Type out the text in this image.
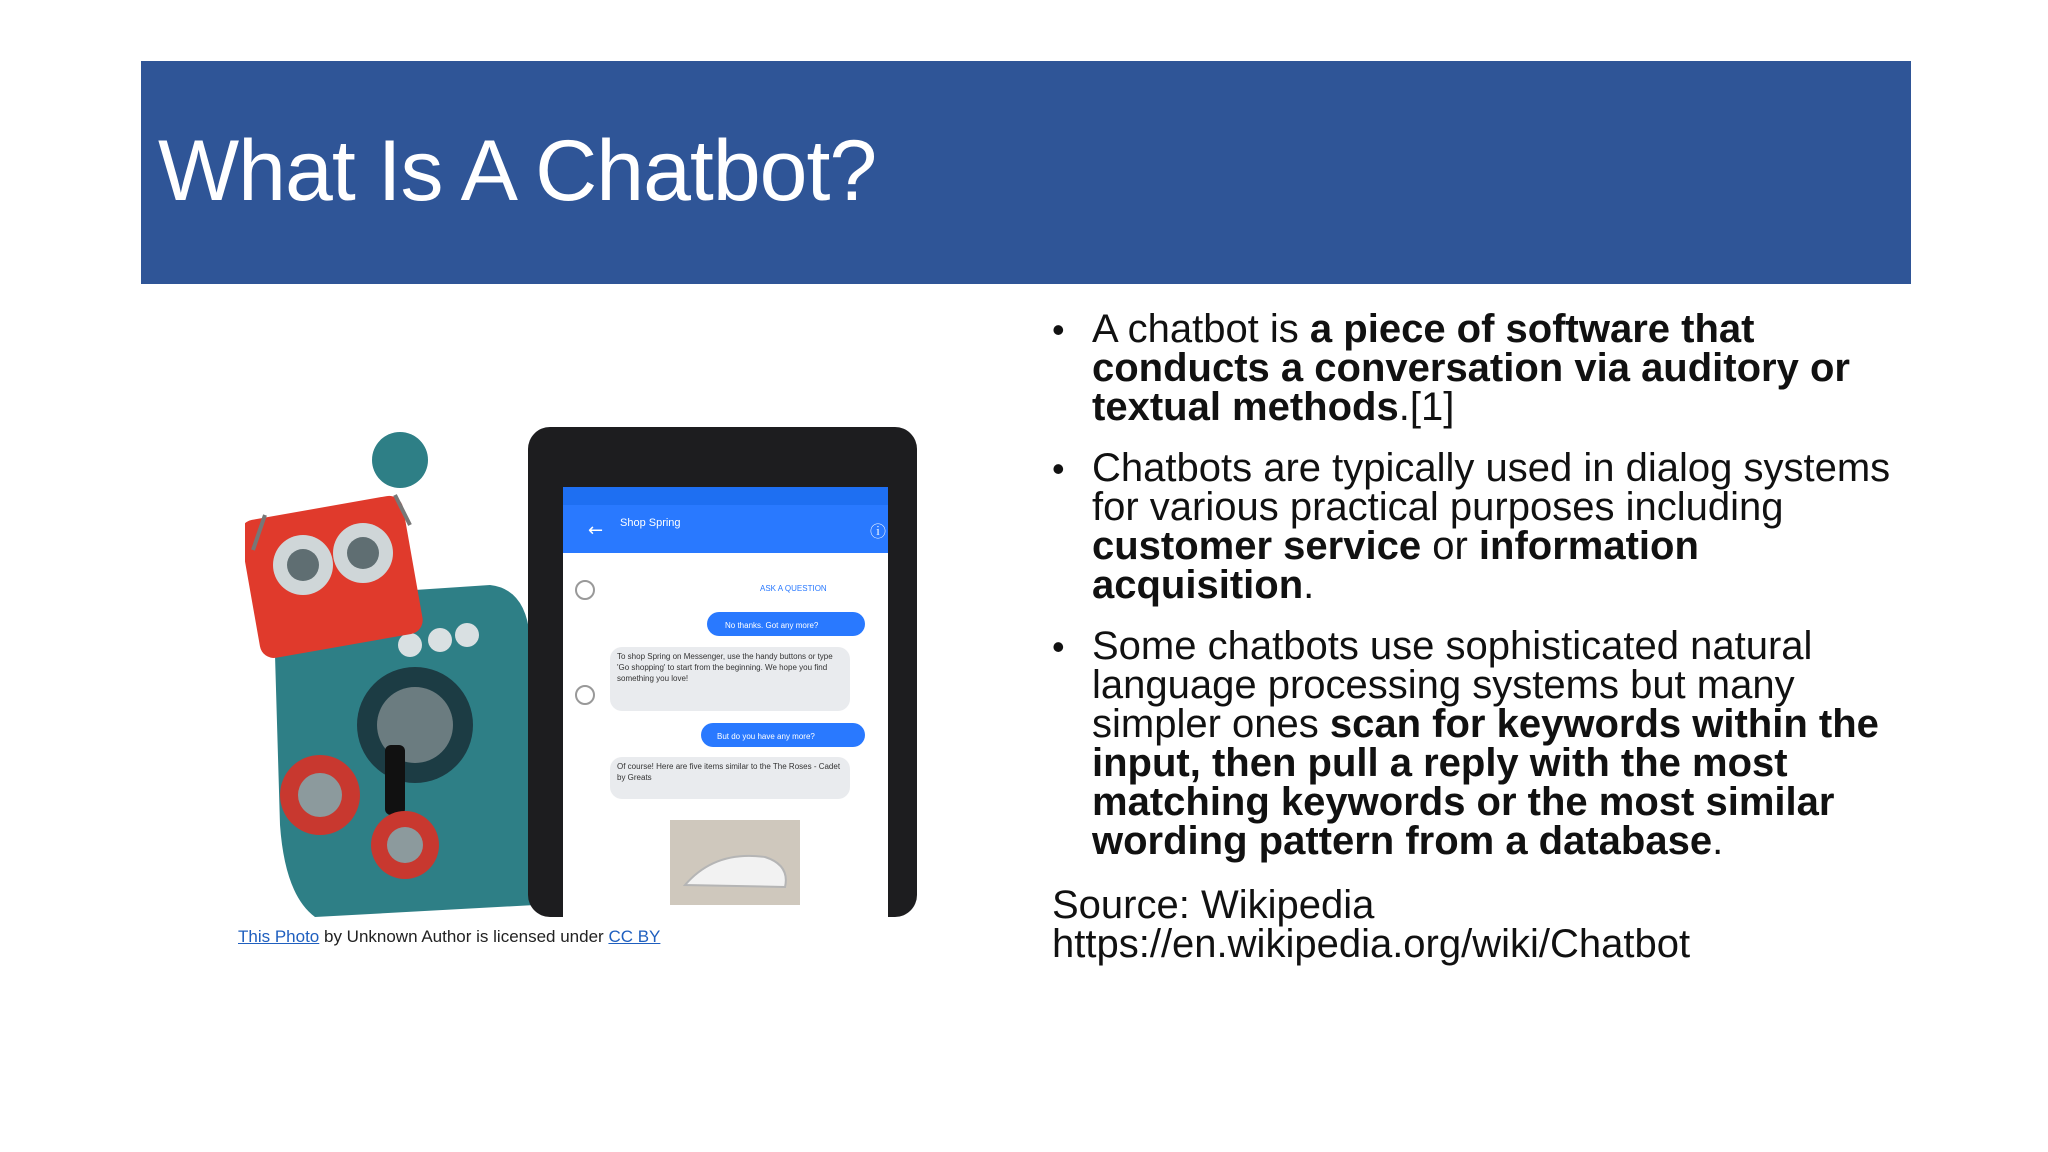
What Is A Chatbot?
← Shop Spring	ⓘ
ASK A QUESTION
No thanks. Got any more?
To shop Spring on Messenger, use the handy buttons or type 'Go shopping' to start from the beginning. We hope you find something you love!
But do you have any more?
Of course! Here are five items similar to the The Roses - Cadet by Greats
This Photo by Unknown Author is licensed under CC BY
• A chatbot is a piece of software that conducts a conversation via auditory or textual methods.[1]
• Chatbots are typically used in dialog systems for various practical purposes including customer service or information acquisition.
• Some chatbots use sophisticated natural language processing systems but many simpler ones scan for keywords within the input, then pull a reply with the most matching keywords or the most similar wording pattern from a database.
Source: Wikipedia
https://en.wikipedia.org/wiki/Chatbot
